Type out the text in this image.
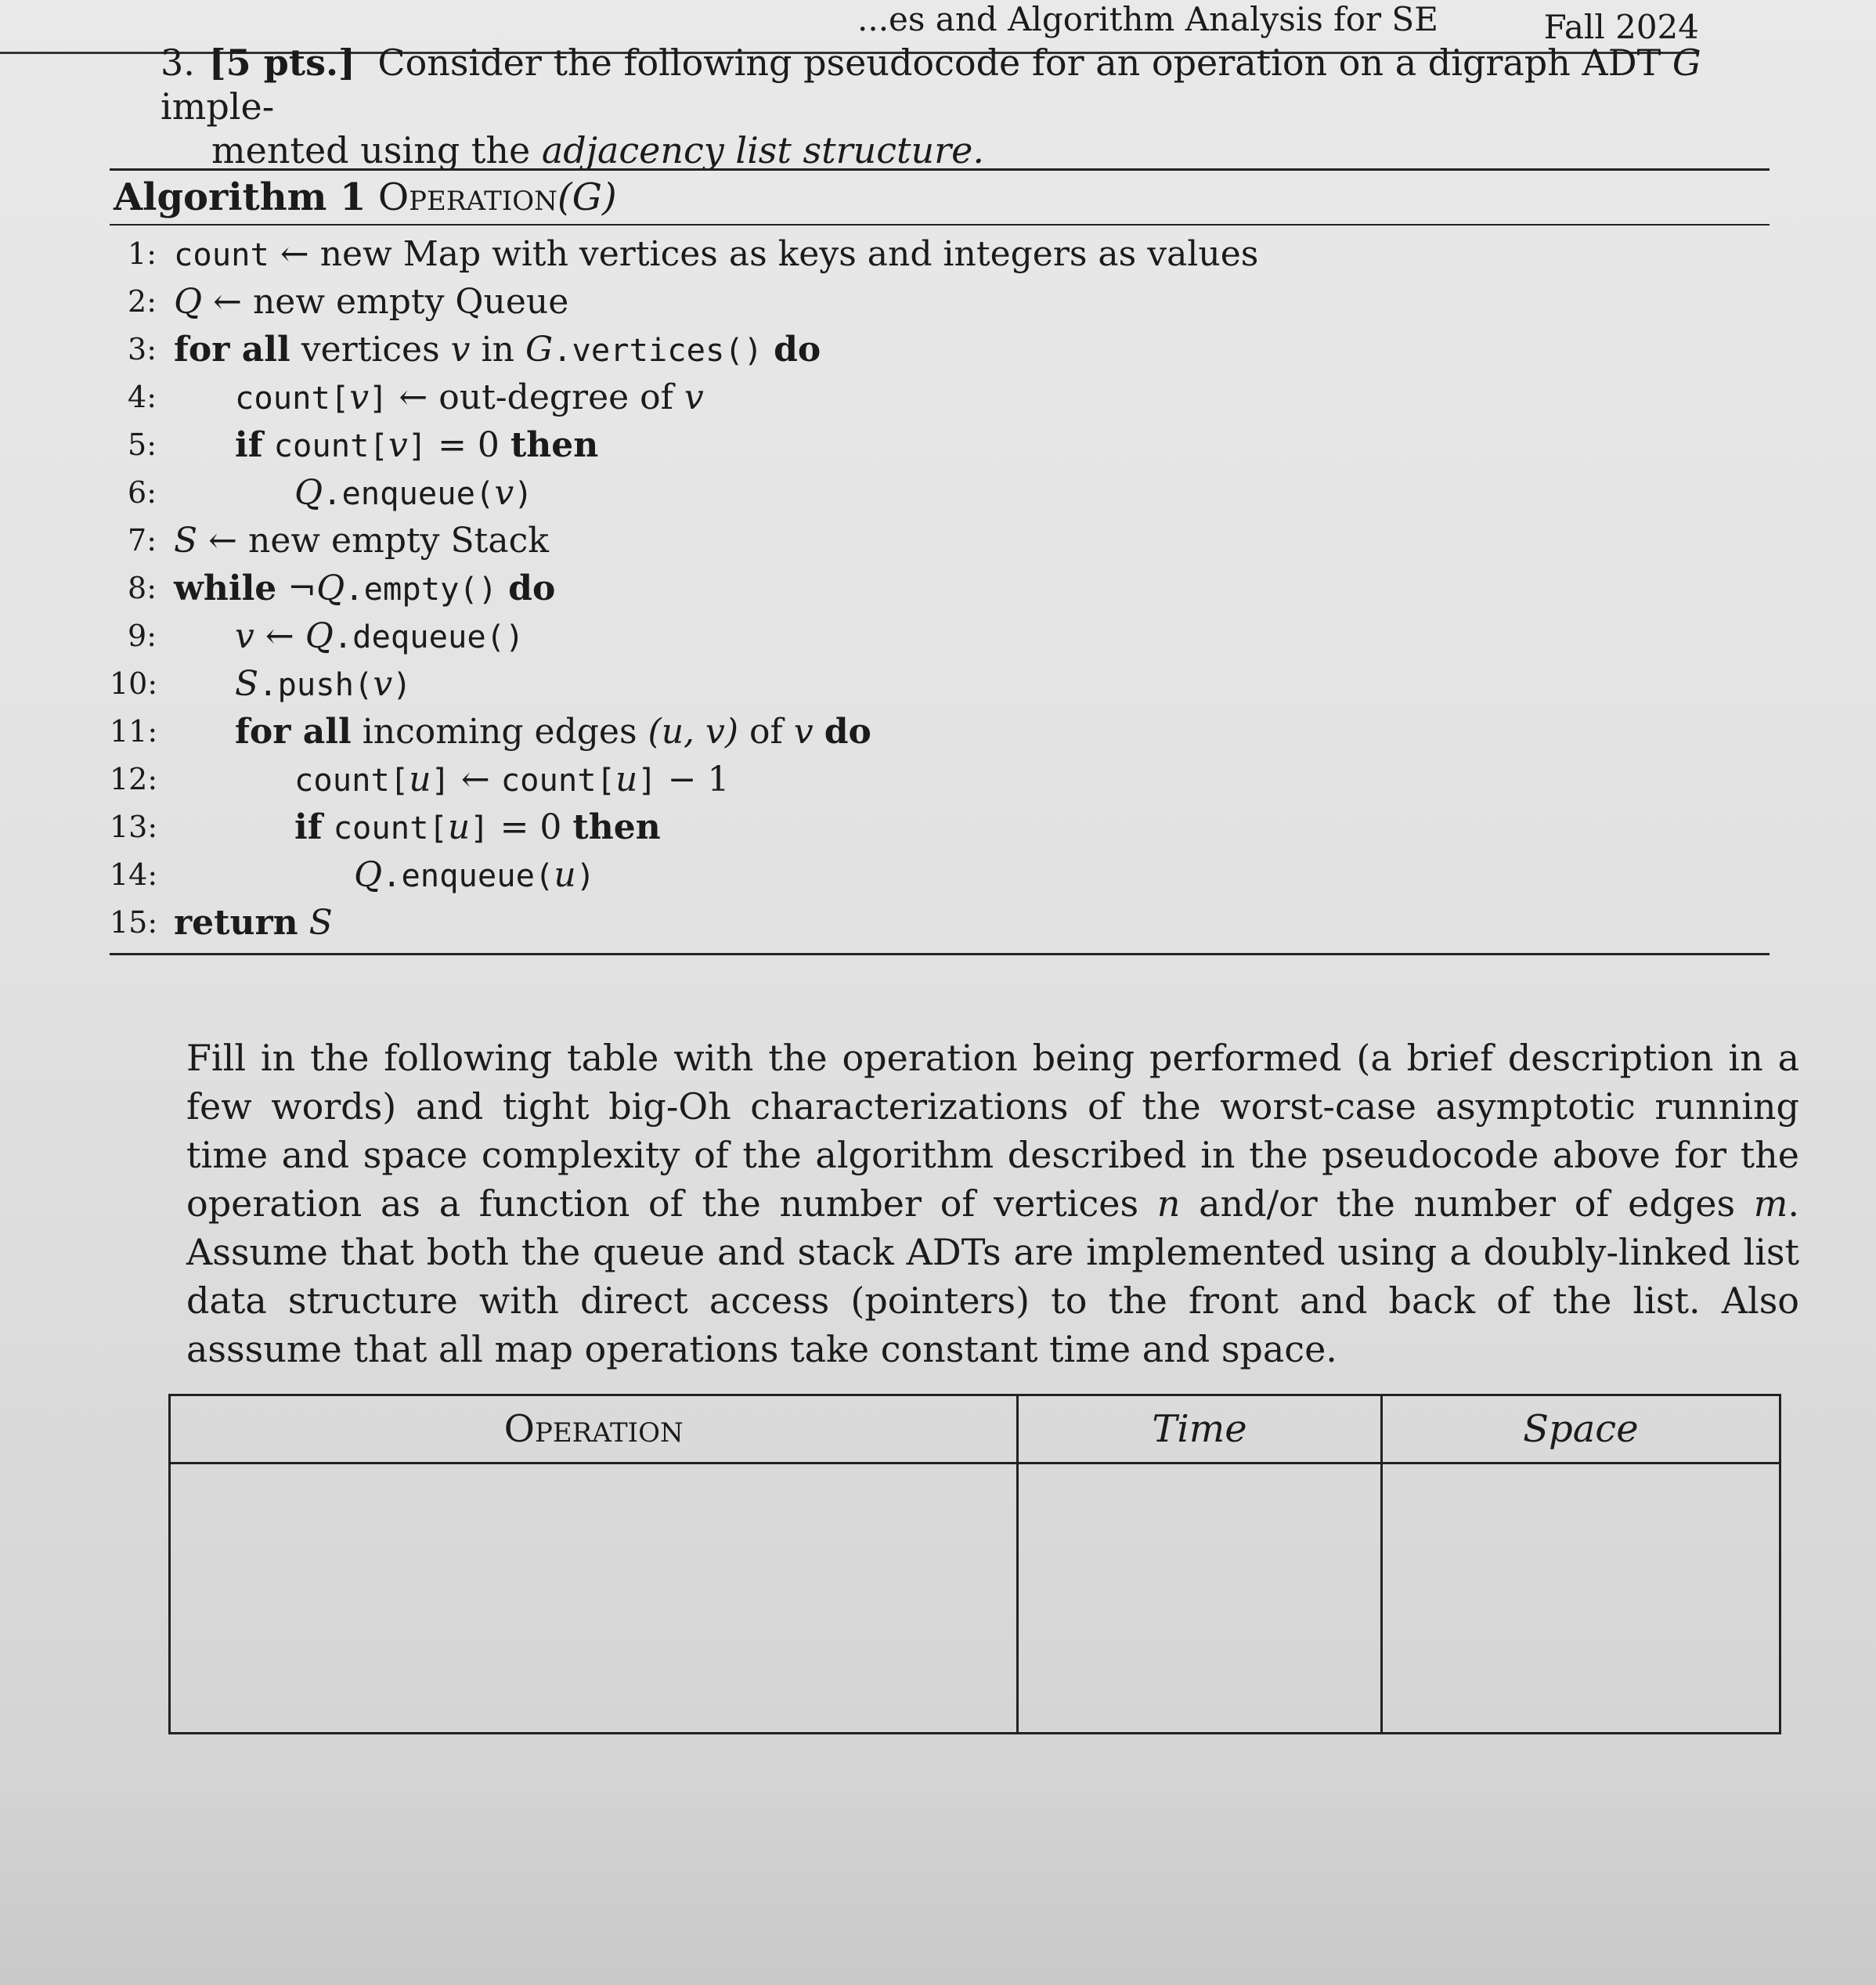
...es and Algorithm Analysis for SE	Fall 2024
3. [5 pts.] Consider the following pseudocode for an operation on a digraph ADT G imple-
mented using the adjacency list structure.
Algorithm 1 Operation(G)
1: count ← new Map with vertices as keys and integers as values
2: Q ← new empty Queue
3: for all vertices v in G.vertices() do
4: count[v] ← out-degree of v
5: if count[v] = 0 then
6:	Q.enqueue(v)
7: S ← new empty Stack
8: while ¬Q.empty() do
9: v ← Q.dequeue()
10: S.push(v)
11: for all incoming edges (u, v) of v do
12:	count[u] ← count[u] − 1
13:	if count[u] = 0 then
14:	Q.enqueue(u)
15: return S
Fill in the following table with the operation being performed (a brief description in a few words) and tight big-Oh characterizations of the worst-case asymptotic running time and space complexity of the algorithm described in the pseudocode above for the operation as a function of the number of vertices n and/or the number of edges m. Assume that both the queue and stack ADTs are implemented using a doubly-linked list data structure with direct access (pointers) to the front and back of the list. Also asssume that all map operations take constant time and space.
Operation	Time	Space
